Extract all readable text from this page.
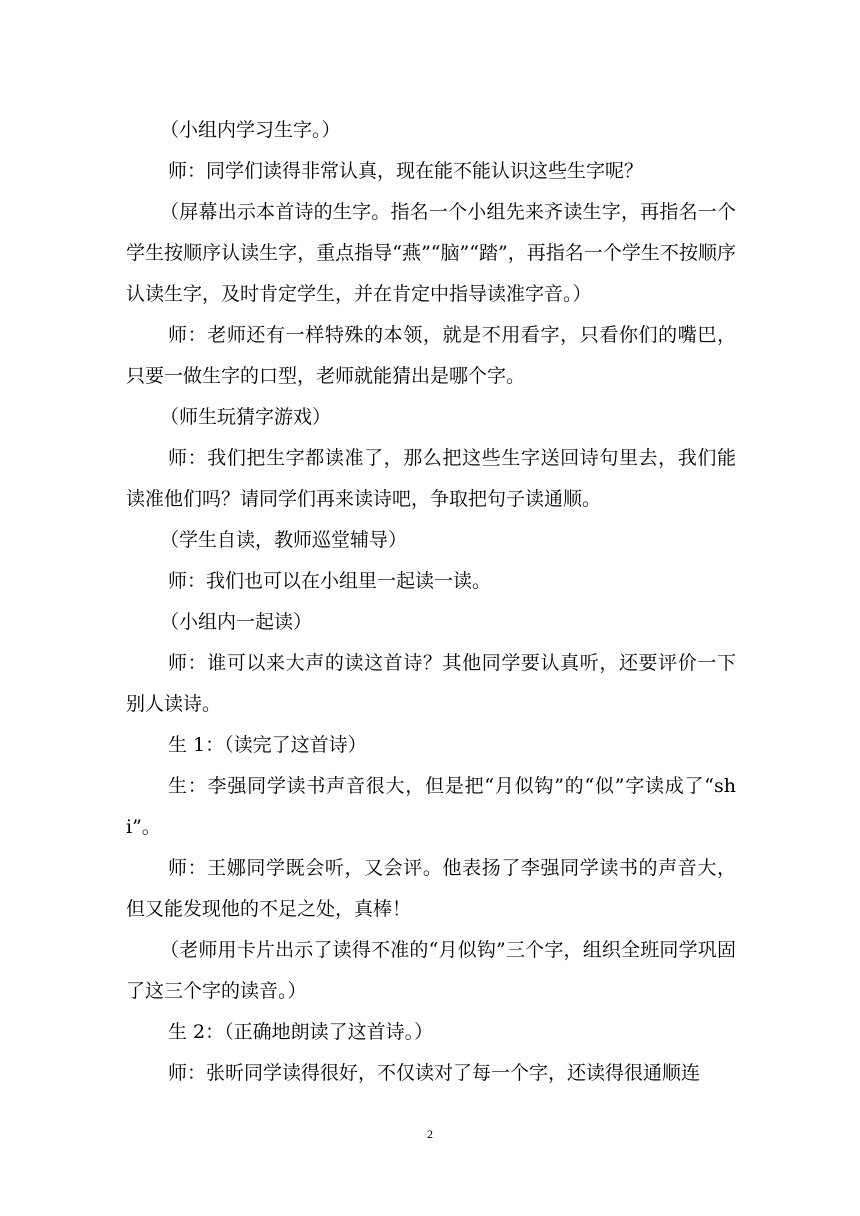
（小组内学习生字。）

师：同学们读得非常认真，现在能不能认识这些生字呢？

（屏幕出示本首诗的生字。指名一个小组先来齐读生字，再指名一个学生按顺序认读生字，重点指导“燕”“脑”“踏”，再指名一个学生不按顺序认读生字，及时肯定学生，并在肯定中指导读准字音。）

师：老师还有一样特殊的本领，就是不用看字，只看你们的嘴巴，只要一做生字的口型，老师就能猜出是哪个字。

（师生玩猜字游戏）

师：我们把生字都读准了，那么把这些生字送回诗句里去，我们能读准他们吗？请同学们再来读诗吧，争取把句子读通顺。

（学生自读，教师巡堂辅导）

师：我们也可以在小组里一起读一读。

（小组内一起读）

师：谁可以来大声的读这首诗？其他同学要认真听，还要评价一下别人读诗。

生 1：（读完了这首诗）

生：李强同学读书声音很大，但是把“月似钩”的“似”字读成了“shi”。

师：王娜同学既会听，又会评。他表扬了李强同学读书的声音大，但又能发现他的不足之处，真棒！

（老师用卡片出示了读得不准的“月似钩”三个字，组织全班同学巩固了这三个字的读音。）

生 2：（正确地朗读了这首诗。）

师：张昕同学读得很好，不仅读对了每一个字，还读得很通顺连

2
